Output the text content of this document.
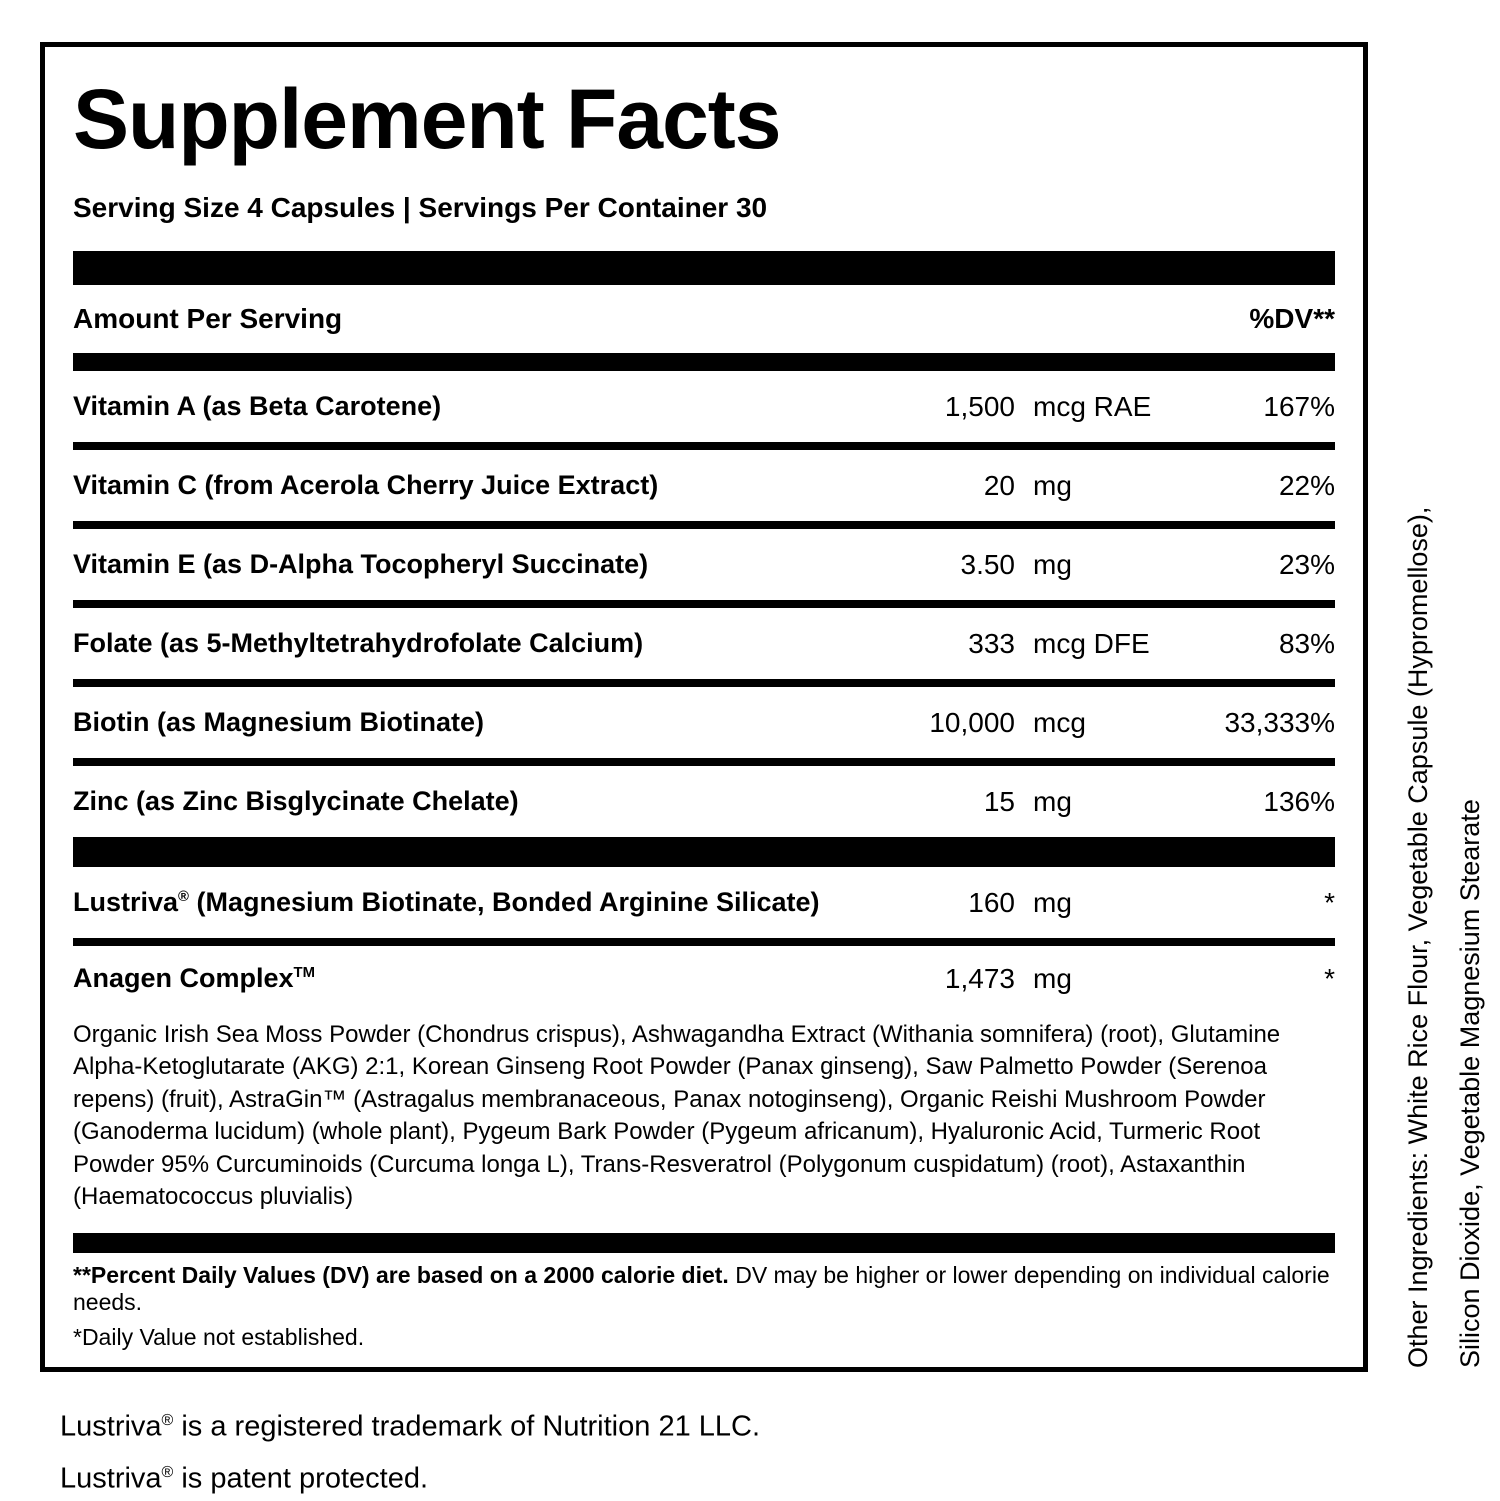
Supplement Facts
Serving Size 4 Capsules | Servings Per Container 30
Amount Per Serving	%DV**
Vitamin A (as Beta Carotene)	1,500 mcg RAE	167%
Vitamin C (from Acerola Cherry Juice Extract)	20 mg	22%
Vitamin E (as D-Alpha Tocopheryl Succinate)	3.50 mg	23%
Folate (as 5-Methyltetrahydrofolate Calcium)	333 mcg DFE	83%
Biotin (as Magnesium Biotinate)	10,000 mcg	33,333%
Zinc (as Zinc Bisglycinate Chelate)	15 mg	136%
Lustriva® (Magnesium Biotinate, Bonded Arginine Silicate)	160 mg	*
Anagen Complex™	1,473 mg	*
Organic Irish Sea Moss Powder (Chondrus crispus), Ashwagandha Extract (Withania somnifera) (root), Glutamine Alpha-Ketoglutarate (AKG) 2:1, Korean Ginseng Root Powder (Panax ginseng), Saw Palmetto Powder (Serenoa repens) (fruit), AstraGin™ (Astragalus membranaceous, Panax notoginseng), Organic Reishi Mushroom Powder (Ganoderma lucidum) (whole plant), Pygeum Bark Powder (Pygeum africanum), Hyaluronic Acid, Turmeric Root Powder 95% Curcuminoids (Curcuma longa L), Trans-Resveratrol (Polygonum cuspidatum) (root), Astaxanthin (Haematococcus pluvialis)
**Percent Daily Values (DV) are based on a 2000 calorie diet. DV may be higher or lower depending on individual calorie needs.
*Daily Value not established.	Other Ingredients: White Rice Flour, Vegetable Capsule (Hypromellose), Silicon Dioxide, Vegetable Magnesium Stearate
Lustriva® is a registered trademark of Nutrition 21 LLC.
Lustriva® is patent protected.
